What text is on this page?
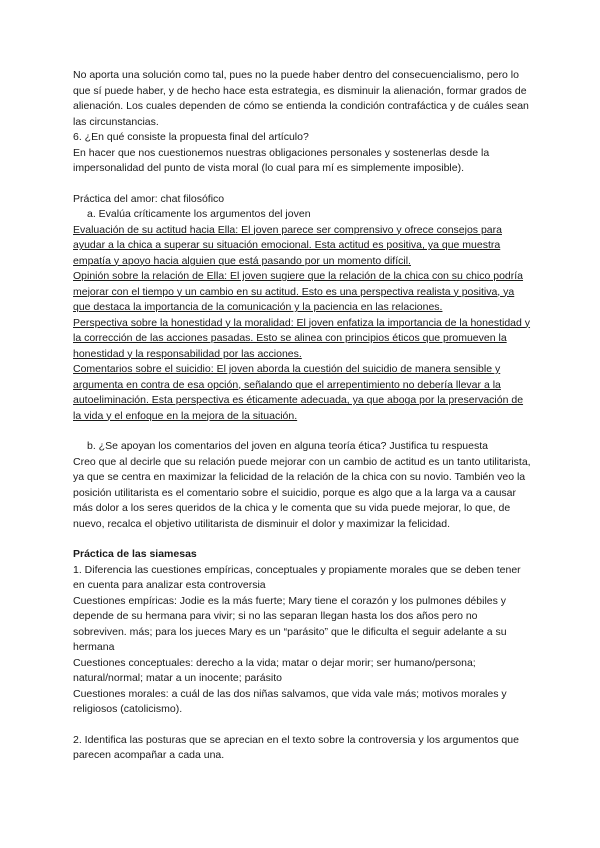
No aporta una solución como tal, pues no la puede haber dentro del consecuencialismo, pero lo que sí puede haber, y de hecho hace esta estrategia, es disminuir la alienación, formar grados de alienación. Los cuales dependen de cómo se entienda la condición contrafáctica y de cuáles sean las circunstancias.

6. ¿En qué consiste la propuesta final del artículo?

En hacer que nos cuestionemos nuestras obligaciones personales y sostenerlas desde la impersonalidad del punto de vista moral (lo cual para mí es simplemente imposible).

Práctica del amor: chat filosófico

a. Evalúa críticamente los argumentos del joven

Evaluación de su actitud hacia Ella: El joven parece ser comprensivo y ofrece consejos para ayudar a la chica a superar su situación emocional. Esta actitud es positiva, ya que muestra empatía y apoyo hacia alguien que está pasando por un momento difícil.

Opinión sobre la relación de Ella: El joven sugiere que la relación de la chica con su chico podría mejorar con el tiempo y un cambio en su actitud. Esto es una perspectiva realista y positiva, ya que destaca la importancia de la comunicación y la paciencia en las relaciones.

Perspectiva sobre la honestidad y la moralidad: El joven enfatiza la importancia de la honestidad y la corrección de las acciones pasadas. Esto se alinea con principios éticos que promueven la honestidad y la responsabilidad por las acciones.

Comentarios sobre el suicidio: El joven aborda la cuestión del suicidio de manera sensible y argumenta en contra de esa opción, señalando que el arrepentimiento no debería llevar a la autoeliminación. Esta perspectiva es éticamente adecuada, ya que aboga por la preservación de la vida y el enfoque en la mejora de la situación.

b. ¿Se apoyan los comentarios del joven en alguna teoría ética? Justifica tu respuesta

Creo que al decirle que su relación puede mejorar con un cambio de actitud es un tanto utilitarista, ya que se centra en maximizar la felicidad de la relación de la chica con su novio. También veo la posición utilitarista es el comentario sobre el suicidio, porque es algo que a la larga va a causar más dolor a los seres queridos de la chica y le comenta que su vida puede mejorar, lo que, de nuevo, recalca el objetivo utilitarista de disminuir el dolor y maximizar la felicidad.

Práctica de las siamesas

1. Diferencia las cuestiones empíricas, conceptuales y propiamente morales que se deben tener en cuenta para analizar esta controversia

Cuestiones empíricas: Jodie es la más fuerte; Mary tiene el corazón y los pulmones débiles y depende de su hermana para vivir; si no las separan llegan hasta los dos años pero no sobreviven. más; para los jueces Mary es un “parásito” que le dificulta el seguir adelante a su hermana

Cuestiones conceptuales: derecho a la vida; matar o dejar morir; ser humano/persona; natural/normal; matar a un inocente; parásito

Cuestiones morales: a cuál de las dos niñas salvamos, que vida vale más; motivos morales y religiosos (catolicismo).

2. Identifica las posturas que se aprecian en el texto sobre la controversia y los argumentos que parecen acompañar a cada una.
